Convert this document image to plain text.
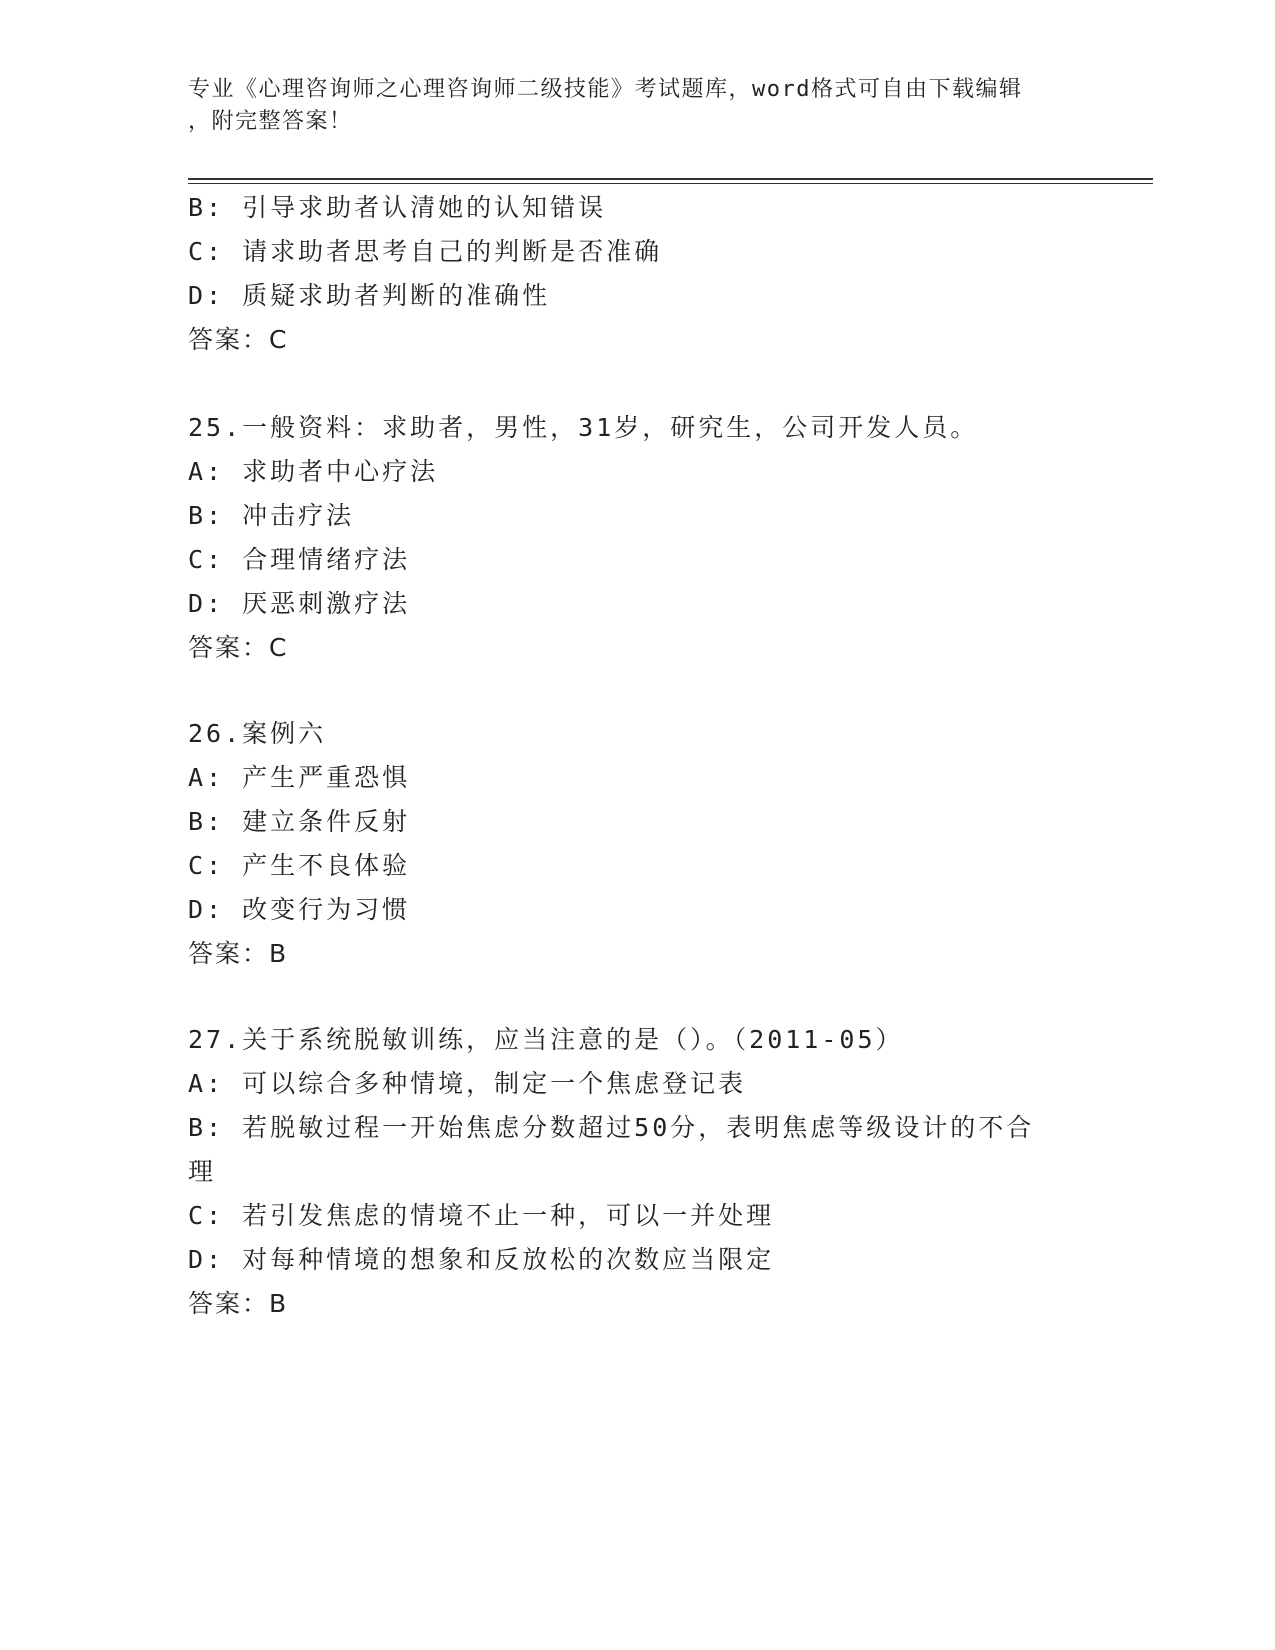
专业《心理咨询师之心理咨询师二级技能》考试题库，word格式可自由下载编辑
，附完整答案！
B: 引导求助者认清她的认知错误
C: 请求助者思考自己的判断是否准确
D: 质疑求助者判断的准确性
答案：C
25.一般资料：求助者，男性，31岁，研究生，公司开发人员。
A: 求助者中心疗法
B: 冲击疗法
C: 合理情绪疗法
D: 厌恶刺激疗法
答案：C
26.案例六
A: 产生严重恐惧
B: 建立条件反射
C: 产生不良体验
D: 改变行为习惯
答案：B
27.关于系统脱敏训练，应当注意的是（）。（2011-05）
A: 可以综合多种情境，制定一个焦虑登记表
B: 若脱敏过程一开始焦虑分数超过50分，表明焦虑等级设计的不合
理
C: 若引发焦虑的情境不止一种，可以一并处理
D: 对每种情境的想象和反放松的次数应当限定
答案：B
